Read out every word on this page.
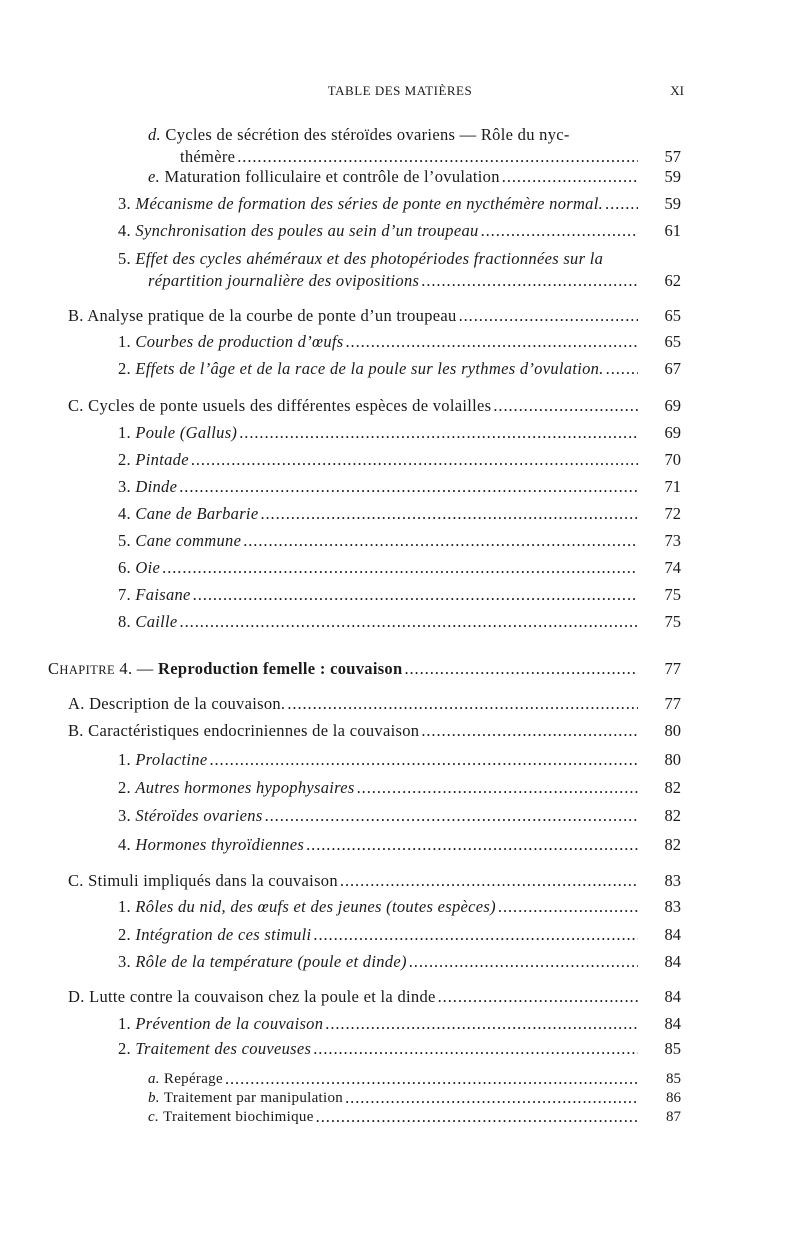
TABLE DES MATIÈRES	XI
d. Cycles de sécrétion des stéroïdes ovariens — Rôle du nyc-
thémère . . .	57
e. Maturation folliculaire et contrôle de l’ovulation . . .	59
3. Mécanisme de formation des séries de ponte en nycthémère normal. . . .	59
4. Synchronisation des poules au sein d’un troupeau . . .	61
5. Effet des cycles ahéméraux et des photopériodes fractionnées sur la
répartition journalière des ovipositions . . .	62
B. Analyse pratique de la courbe de ponte d’un troupeau . . .	65
1. Courbes de production d’œufs . . .	65
2. Effets de l’âge et de la race de la poule sur les rythmes d’ovulation. . . .	67
C. Cycles de ponte usuels des différentes espèces de volailles . . .	69
1. Poule (Gallus) . . .	69
2. Pintade . . .	70
3. Dinde . . .	71
4. Cane de Barbarie . . .	72
5. Cane commune . . .	73
6. Oie . . .	74
7. Faisane . . .	75
8. Caille . . .	75
CHAPITRE 4. — Reproduction femelle : couvaison . . .	77
A. Description de la couvaison. . . .	77
B. Caractéristiques endocriniennes de la couvaison . . .	80
1. Prolactine . . .	80
2. Autres hormones hypophysaires . . .	82
3. Stéroïdes ovariens . . .	82
4. Hormones thyroïdiennes . . .	82
C. Stimuli impliqués dans la couvaison . . .	83
1. Rôles du nid, des œufs et des jeunes (toutes espèces) . . .	83
2. Intégration de ces stimuli . . .	84
3. Rôle de la température (poule et dinde) . . .	84
D. Lutte contre la couvaison chez la poule et la dinde . . .	84
1. Prévention de la couvaison . . .	84
2. Traitement des couveuses . . .	85
a. Repérage . . .	85
b. Traitement par manipulation . . .	86
c. Traitement biochimique . . .	87
